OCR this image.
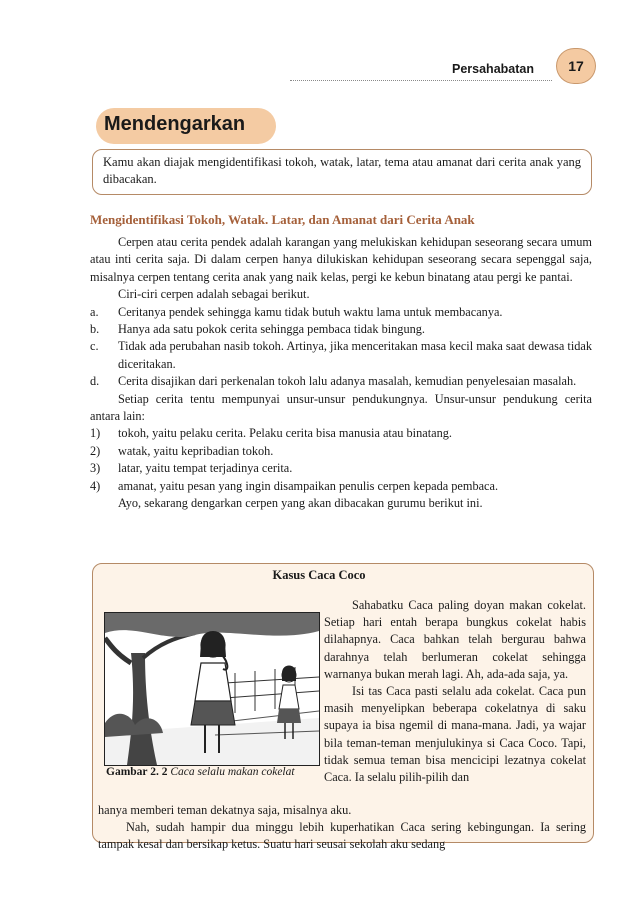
Persahabatan	17
Mendengarkan
Kamu akan diajak mengidentifikasi tokoh, watak, latar, tema atau amanat dari cerita anak yang dibacakan.
Mengidentifikasi Tokoh, Watak. Latar, dan Amanat dari Cerita Anak

Cerpen atau cerita pendek adalah karangan yang melukiskan kehidupan seseorang secara umum atau inti cerita saja. Di dalam cerpen hanya dilukiskan kehidupan seseorang secara sepenggal saja, misalnya cerpen tentang cerita anak yang naik kelas, pergi ke kebun binatang atau pergi ke pantai.

Ciri-ciri cerpen adalah sebagai berikut.

a.	Ceritanya pendek sehingga kamu tidak butuh waktu lama untuk membacanya.
b.	Hanya ada satu pokok cerita sehingga pembaca tidak bingung.
c.	Tidak ada perubahan nasib tokoh. Artinya, jika menceritakan masa kecil maka saat dewasa tidak diceritakan.
d.	Cerita disajikan dari perkenalan tokoh lalu adanya masalah, kemudian penyelesaian masalah.

Setiap cerita tentu mempunyai unsur-unsur pendukungnya. Unsur-unsur pendukung cerita antara lain:

1)	tokoh, yaitu pelaku cerita. Pelaku cerita bisa manusia atau binatang.
2)	watak, yaitu kepribadian tokoh.
3)	latar, yaitu tempat terjadinya cerita.
4)	amanat, yaitu pesan yang ingin disampaikan penulis cerpen kepada pembaca.

Ayo, sekarang dengarkan cerpen yang akan dibacakan gurumu berikut ini.

Kasus Caca Coco
Gambar 2. 2 Caca selalu makan cokelat

Sahabatku Caca paling doyan makan cokelat. Setiap hari entah berapa bungkus cokelat habis dilahapnya. Caca bahkan telah bergurau bahwa darahnya telah berlumeran cokelat sehingga warnanya bukan merah lagi. Ah, ada-ada saja, ya.

Isi tas Caca pasti selalu ada cokelat. Caca pun masih menyelipkan beberapa cokelatnya di saku supaya ia bisa ngemil di mana-mana. Jadi, ya wajar bila teman-teman menjulukinya si Caca Coco. Tapi, tidak semua teman bisa mencicipi lezatnya cokelat Caca. Ia selalu pilih-pilih dan

hanya memberi teman dekatnya saja, misalnya aku.

Nah, sudah hampir dua minggu lebih kuperhatikan Caca sering kebingungan. Ia sering tampak kesal dan bersikap ketus. Suatu hari seusai sekolah aku sedang
